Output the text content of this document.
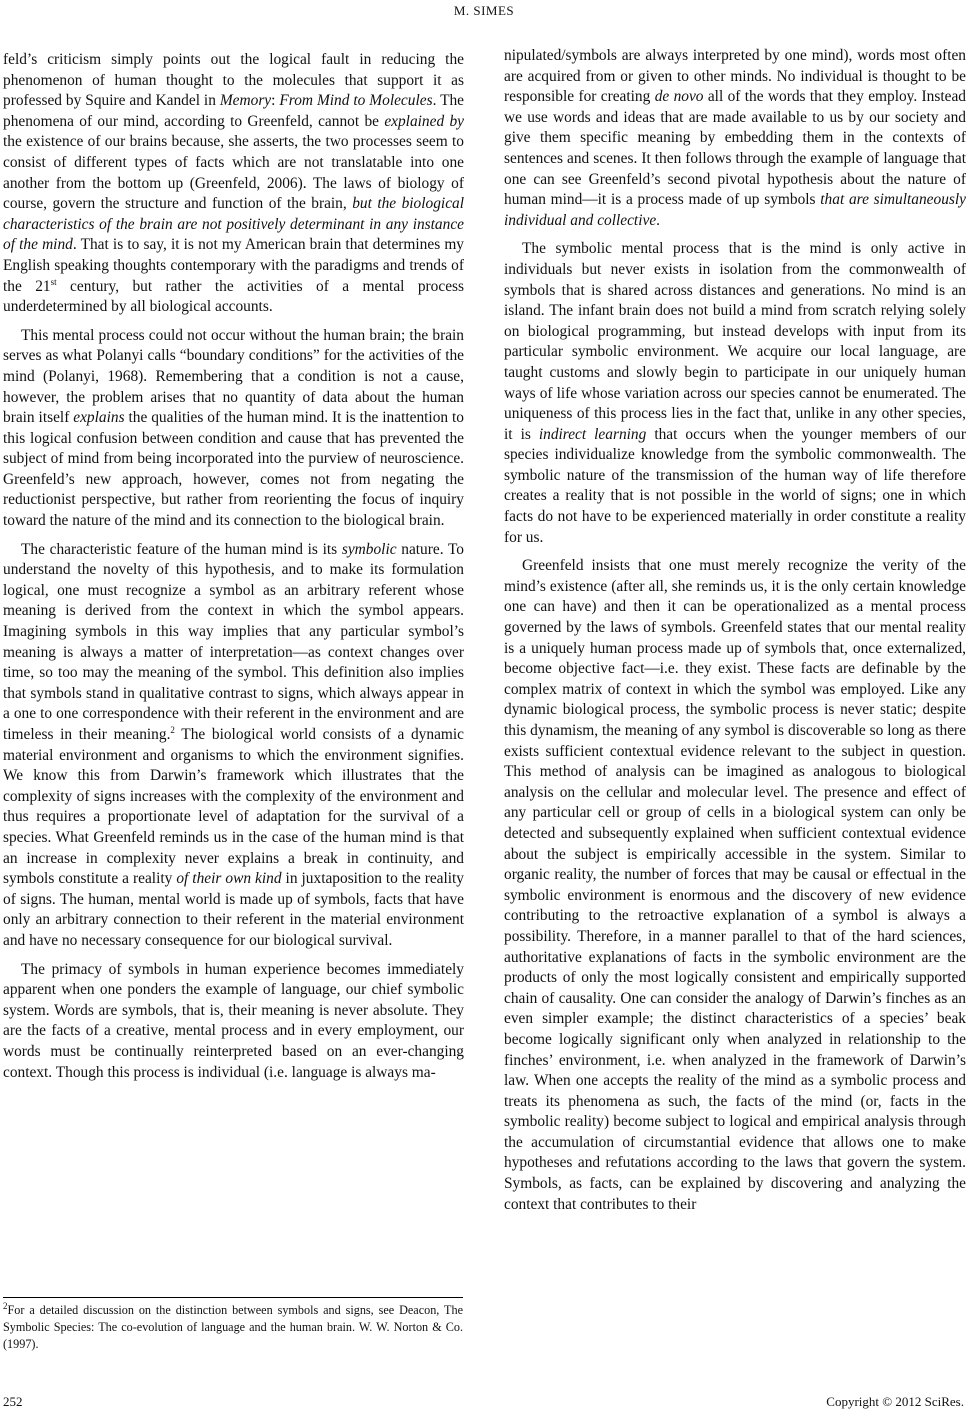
M. SIMES

feld’s criticism simply points out the logical fault in reducing the phenomenon of human thought to the molecules that support it as professed by Squire and Kandel in Memory: From Mind to Molecules. The phenomena of our mind, according to Greenfeld, cannot be explained by the existence of our brains because, she asserts, the two processes seem to consist of different types of facts which are not translatable into one another from the bottom up (Greenfeld, 2006). The laws of biology of course, govern the structure and function of the brain, but the biological characteristics of the brain are not positively determinant in any instance of the mind. That is to say, it is not my American brain that determines my English speaking thoughts contemporary with the paradigms and trends of the 21st century, but rather the activities of a mental process underdetermined by all biological accounts.

This mental process could not occur without the human brain; the brain serves as what Polanyi calls “boundary conditions” for the activities of the mind (Polanyi, 1968). Remembering that a condition is not a cause, however, the problem arises that no quantity of data about the human brain itself explains the qualities of the human mind. It is the inattention to this logical confusion between condition and cause that has prevented the subject of mind from being incorporated into the purview of neuroscience. Greenfeld’s new approach, however, comes not from negating the reductionist perspective, but rather from reorienting the focus of inquiry toward the nature of the mind and its connection to the biological brain.

The characteristic feature of the human mind is its symbolic nature. To understand the novelty of this hypothesis, and to make its formulation logical, one must recognize a symbol as an arbitrary referent whose meaning is derived from the context in which the symbol appears. Imagining symbols in this way implies that any particular symbol’s meaning is always a matter of interpretation—as context changes over time, so too may the meaning of the symbol. This definition also implies that symbols stand in qualitative contrast to signs, which always appear in a one to one correspondence with their referent in the environment and are timeless in their meaning.$^2$ The biological world consists of a dynamic material environment and organisms to which the environment signifies. We know this from Darwin’s framework which illustrates that the complexity of signs increases with the complexity of the environment and thus requires a proportionate level of adaptation for the survival of a species. What Greenfeld reminds us in the case of the human mind is that an increase in complexity never explains a break in continuity, and symbols constitute a reality of their own kind in juxtaposition to the reality of signs. The human, mental world is made up of symbols, facts that have only an arbitrary connection to their referent in the material environment and have no necessary consequence for our biological survival.

The primacy of symbols in human experience becomes immediately apparent when one ponders the example of language, our chief symbolic system. Words are symbols, that is, their meaning is never absolute. They are the facts of a creative, mental process and in every employment, our words must be continually reinterpreted based on an ever-changing context. Though this process is individual (i.e. language is always ma-

nipulated/symbols are always interpreted by one mind), words most often are acquired from or given to other minds. No individual is thought to be responsible for creating de novo all of the words that they employ. Instead we use words and ideas that are made available to us by our society and give them specific meaning by embedding them in the contexts of sentences and scenes. It then follows through the example of language that one can see Greenfeld’s second pivotal hypothesis about the nature of human mind—it is a process made of up symbols that are simultaneously individual and collective.

The symbolic mental process that is the mind is only active in individuals but never exists in isolation from the commonwealth of symbols that is shared across distances and generations. No mind is an island. The infant brain does not build a mind from scratch relying solely on biological programming, but instead develops with input from its particular symbolic environment. We acquire our local language, are taught customs and slowly begin to participate in our uniquely human ways of life whose variation across our species cannot be enumerated. The uniqueness of this process lies in the fact that, unlike in any other species, it is indirect learning that occurs when the younger members of our species individualize knowledge from the symbolic commonwealth. The symbolic nature of the transmission of the human way of life therefore creates a reality that is not possible in the world of signs; one in which facts do not have to be experienced materially in order constitute a reality for us.

Greenfeld insists that one must merely recognize the verity of the mind’s existence (after all, she reminds us, it is the only certain knowledge one can have) and then it can be operationalized as a mental process governed by the laws of symbols. Greenfeld states that our mental reality is a uniquely human process made up of symbols that, once externalized, become objective fact—i.e. they exist. These facts are definable by the complex matrix of context in which the symbol was employed. Like any dynamic biological process, the symbolic process is never static; despite this dynamism, the meaning of any symbol is discoverable so long as there exists sufficient contextual evidence relevant to the subject in question. This method of analysis can be imagined as analogous to biological analysis on the cellular and molecular level. The presence and effect of any particular cell or group of cells in a biological system can only be detected and subsequently explained when sufficient contextual evidence about the subject is empirically accessible in the system. Similar to organic reality, the number of forces that may be causal or effectual in the symbolic environment is enormous and the discovery of new evidence contributing to the retroactive explanation of a symbol is always a possibility. Therefore, in a manner parallel to that of the hard sciences, authoritative explanations of facts in the symbolic environment are the products of only the most logically consistent and empirically supported chain of causality. One can consider the analogy of Darwin’s finches as an even simpler example; the distinct characteristics of a species’ beak become logically significant only when analyzed in relationship to the finches’ environment, i.e. when analyzed in the framework of Darwin’s law. When one accepts the reality of the mind as a symbolic process and treats its phenomena as such, the facts of the mind (or, facts in the symbolic reality) become subject to logical and empirical analysis through the accumulation of circumstantial evidence that allows one to make hypotheses and refutations according to the laws that govern the system. Symbols, as facts, can be explained by discovering and analyzing the context that contributes to their

$^2$For a detailed discussion on the distinction between symbols and signs, see Deacon, The Symbolic Species: The co-evolution of language and the human brain. W. W. Norton & Co. (1997).
252	Copyright © 2012 SciRes.
